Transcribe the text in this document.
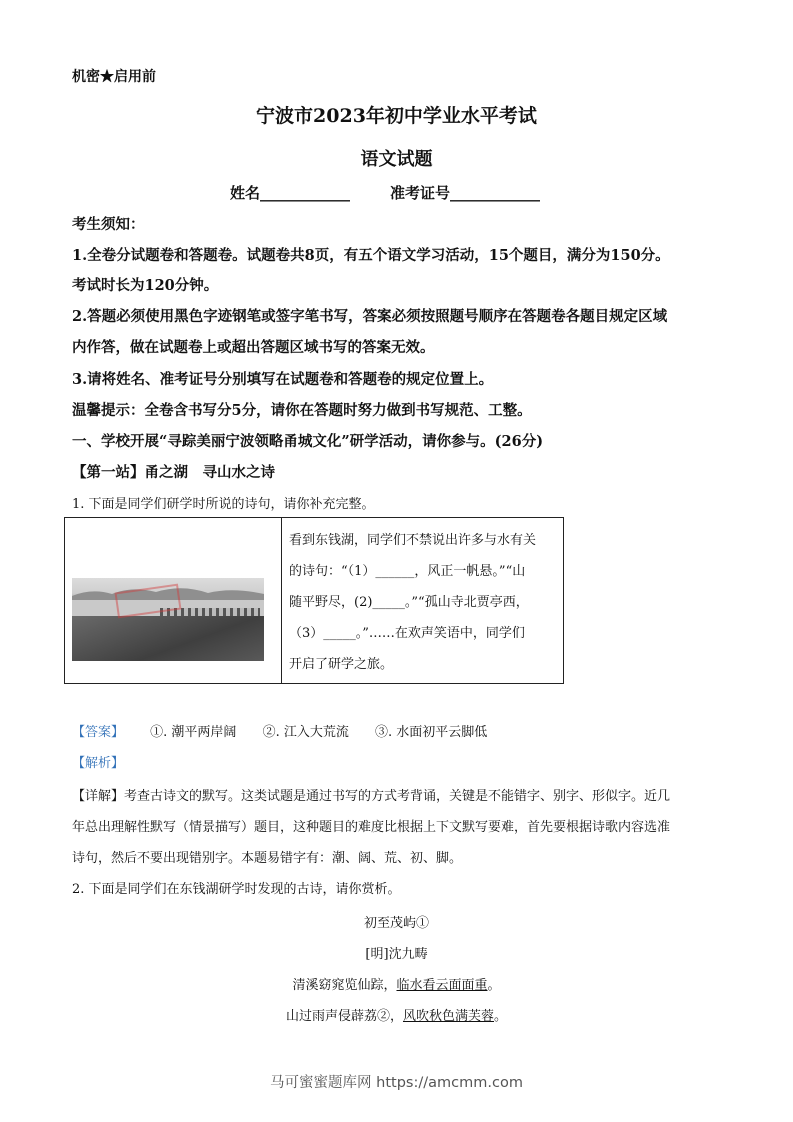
机密★启用前
宁波市2023年初中学业水平考试
语文试题
姓名____________	准考证号____________
考生须知：
1.全卷分试题卷和答题卷。试题卷共8页，有五个语文学习活动，15个题目，满分为150分。
考试时长为120分钟。
2.答题必须使用黑色字迹钢笔或签字笔书写，答案必须按照题号顺序在答题卷各题目规定区域
内作答，做在试题卷上或超出答题区域书写的答案无效。
3.请将姓名、准考证号分别填写在试题卷和答题卷的规定位置上。
温馨提示：全卷含书写分5分，请你在答题时努力做到书写规范、工整。
一、学校开展“寻踪美丽宁波领略甬城文化”研学活动，请你参与。(26分)
【第一站】甬之湖　寻山水之诗
1. 下面是同学们研学时所说的诗句，请你补充完整。
看到东钱湖，同学们不禁说出许多与水有关
的诗句：“（1）______，风正一帆悬。”“山
随平野尽，(2)_____。”“孤山寺北贾亭西，
（3）_____。”……在欢声笑语中，同学们
开启了研学之旅。
【答案】 ①. 潮平两岸阔 ②. 江入大荒流 ③. 水面初平云脚低
【解析】
【详解】考查古诗文的默写。这类试题是通过书写的方式考背诵，关键是不能错字、别字、形似字。近几
年总出理解性默写（情景描写）题目，这种题目的难度比根据上下文默写要难，首先要根据诗歌内容选准
诗句，然后不要出现错别字。本题易错字有：潮、阔、荒、初、脚。
2. 下面是同学们在东钱湖研学时发现的古诗，请你赏析。
初至茂屿①
[明]沈九畴
清溪窈窕览仙踪，临水看云面面重。
山过雨声侵薜荔②，风吹秋色满芙蓉。
马可蜜蜜题库网 https://amcmm.com
